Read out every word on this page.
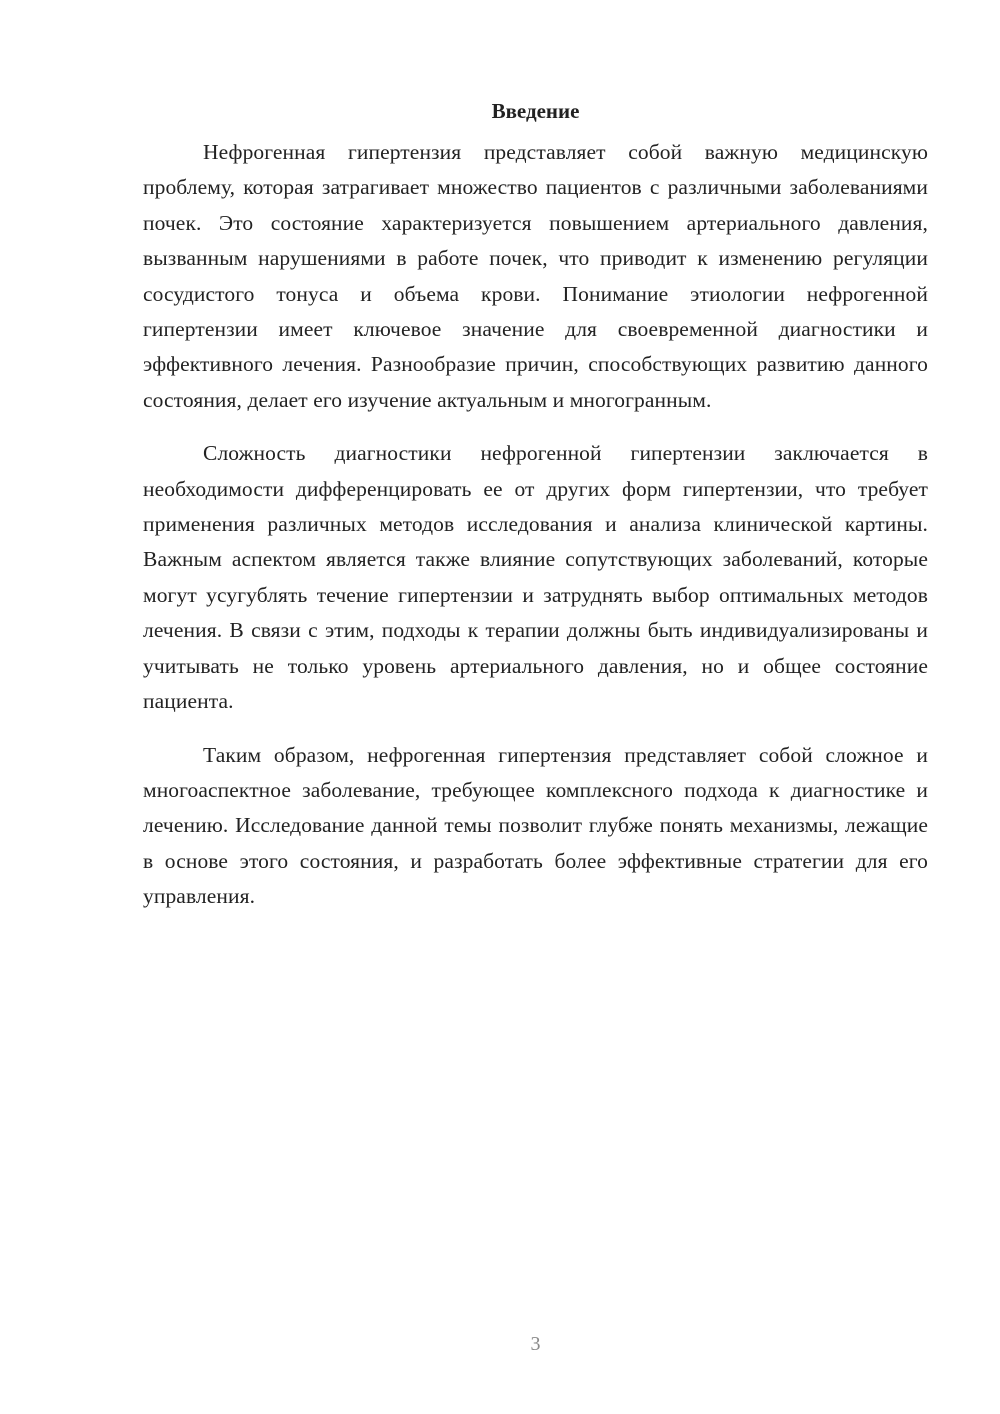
Введение

Нефрогенная гипертензия представляет собой важную медицинскую проблему, которая затрагивает множество пациентов с различными заболеваниями почек. Это состояние характеризуется повышением артериального давления, вызванным нарушениями в работе почек, что приводит к изменению регуляции сосудистого тонуса и объема крови. Понимание этиологии нефрогенной гипертензии имеет ключевое значение для своевременной диагностики и эффективного лечения. Разнообразие причин, способствующих развитию данного состояния, делает его изучение актуальным и многогранным.

Сложность диагностики нефрогенной гипертензии заключается в необходимости дифференцировать ее от других форм гипертензии, что требует применения различных методов исследования и анализа клинической картины. Важным аспектом является также влияние сопутствующих заболеваний, которые могут усугублять течение гипертензии и затруднять выбор оптимальных методов лечения. В связи с этим, подходы к терапии должны быть индивидуализированы и учитывать не только уровень артериального давления, но и общее состояние пациента.

Таким образом, нефрогенная гипертензия представляет собой сложное и многоаспектное заболевание, требующее комплексного подхода к диагностике и лечению. Исследование данной темы позволит глубже понять механизмы, лежащие в основе этого состояния, и разработать более эффективные стратегии для его управления.

3
